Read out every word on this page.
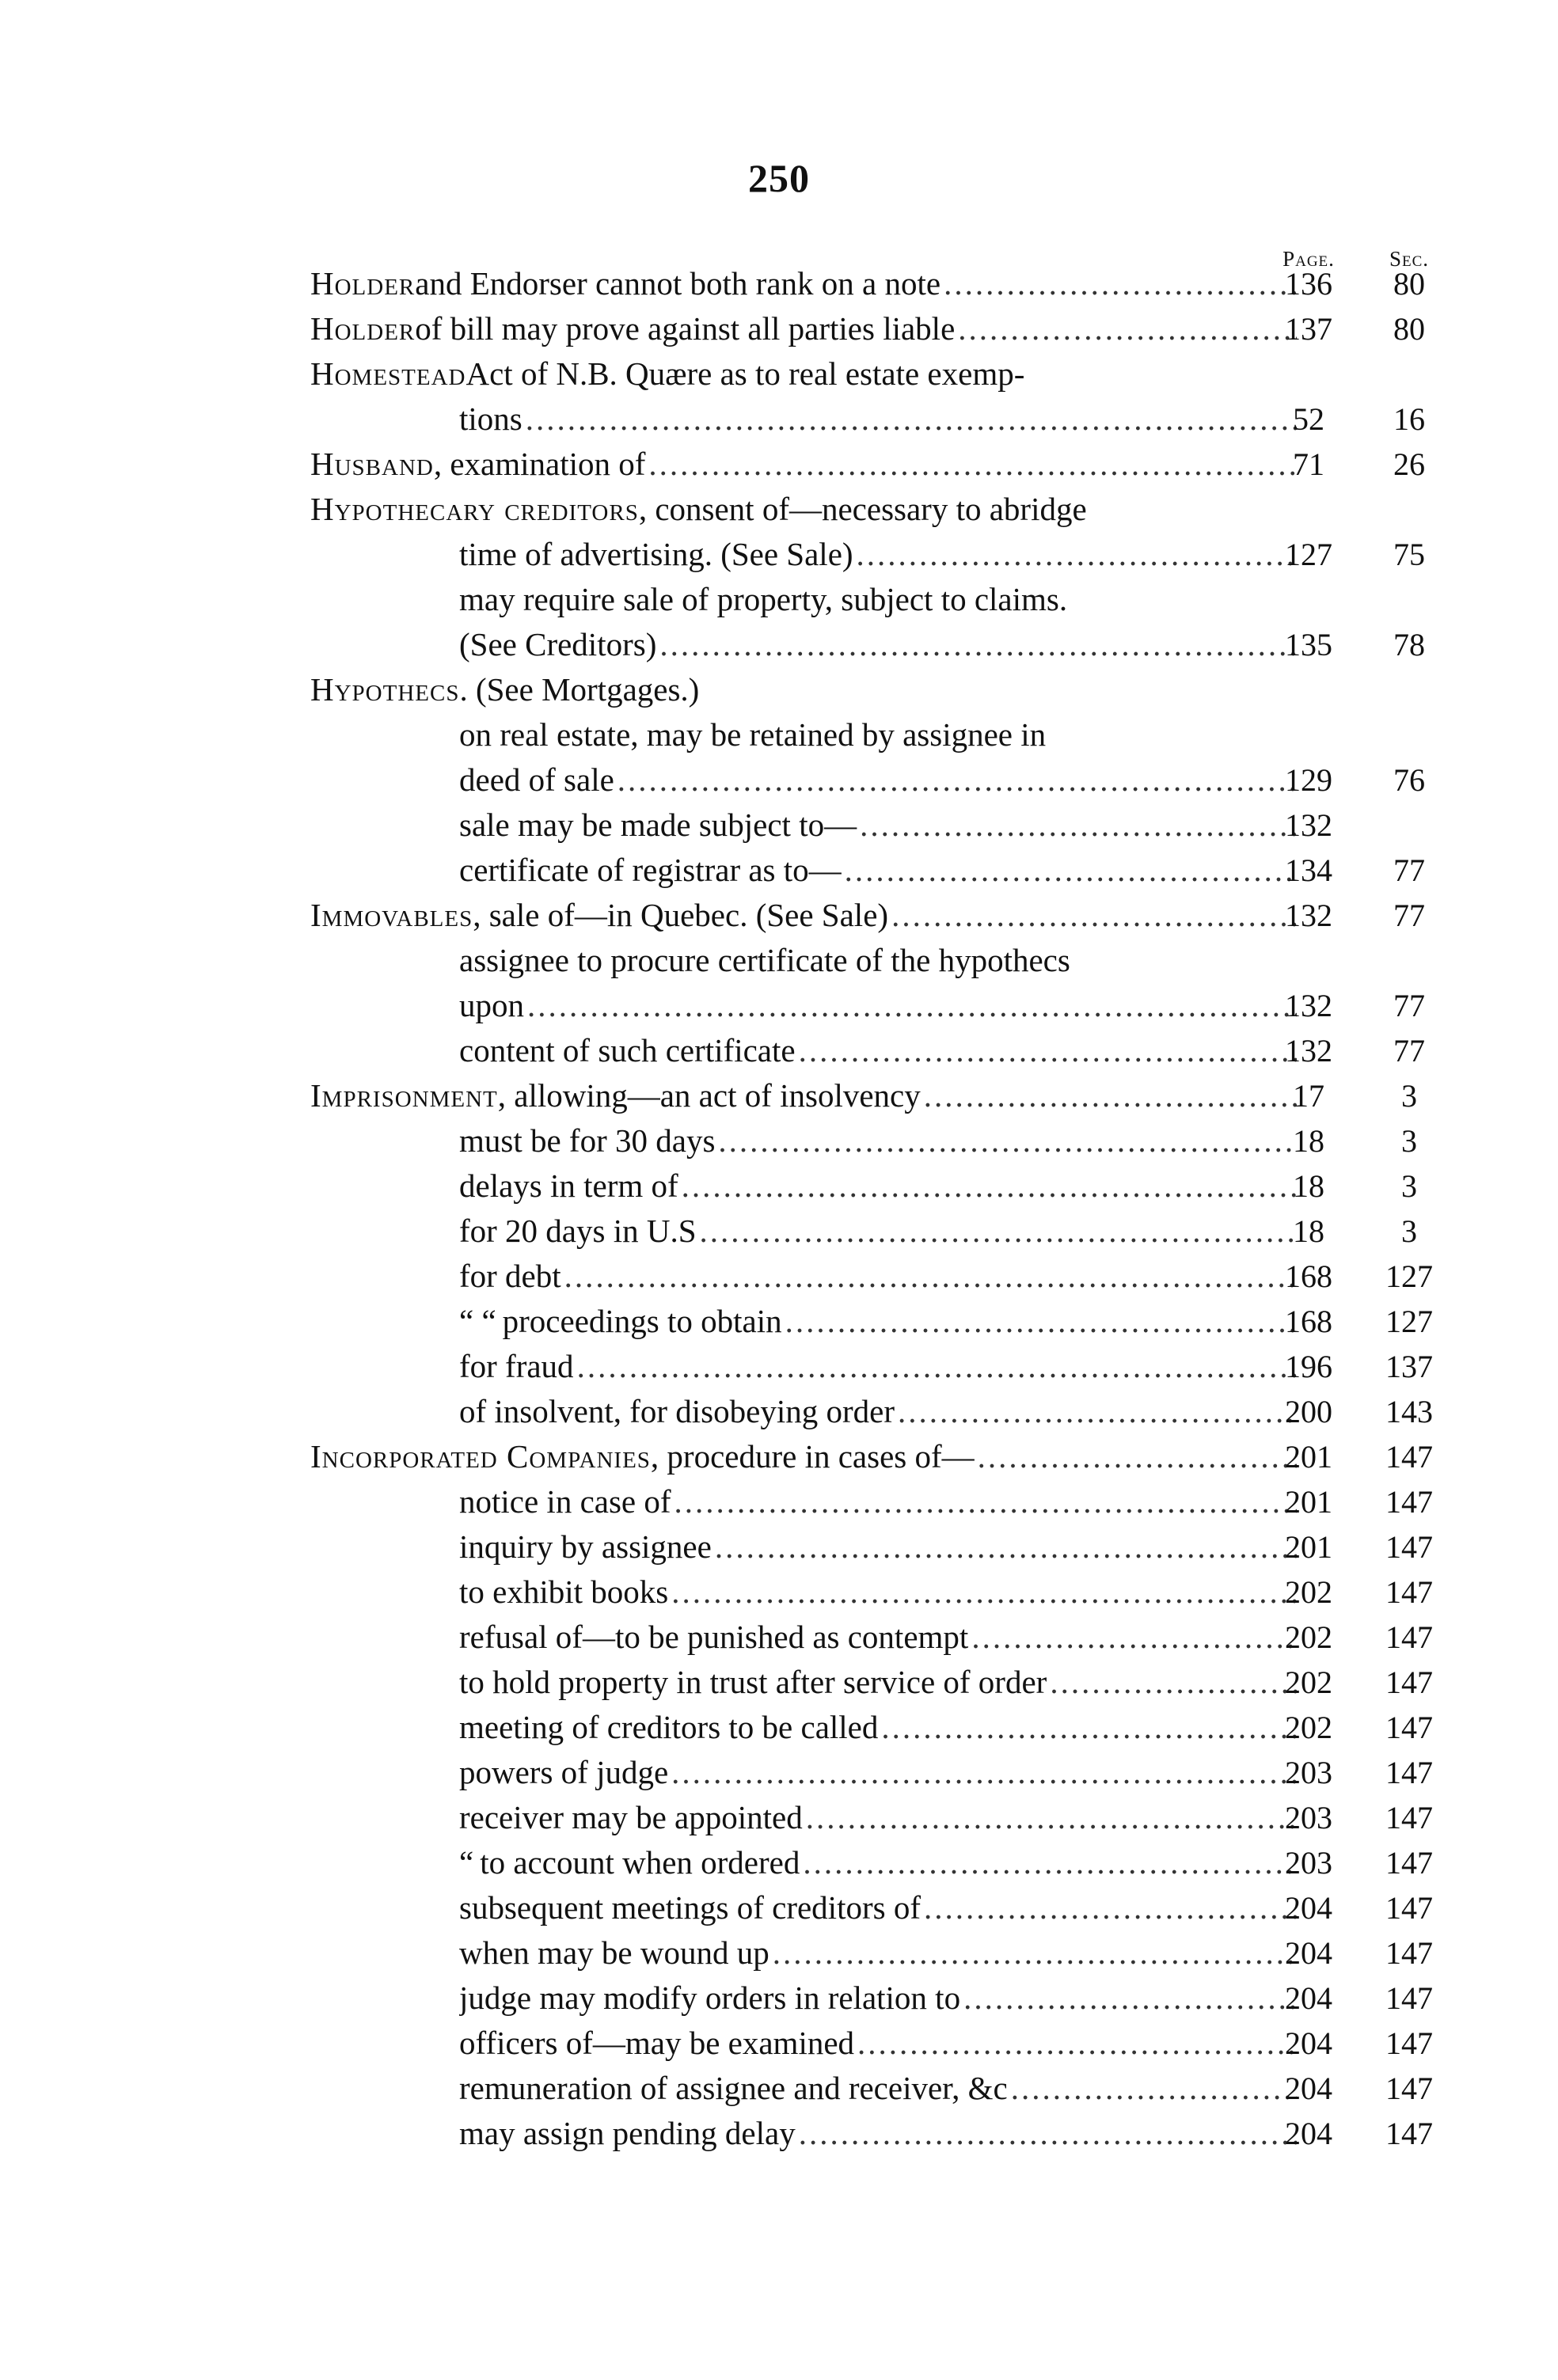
250
Page.	Sec.
Holder and Endorser cannot both rank on a note .....	136	80
Holder of bill may prove against all parties liable .....	137	80
Homestead Act of N.B. Quære as to real estate exemp-
tions .....	52	16
Husband , examination of .....	71	26
Hypothecary creditors , consent of—necessary to abridge
time of advertising. (See Sale) .....	127	75
may require sale of property, subject to claims.
(See Creditors) .....	135	78
Hypothecs . (See Mortgages.)
on real estate, may be retained by assignee in
deed of sale .....	129	76
sale may be made subject to— .....	132
certificate of registrar as to— .....	134	77
Immovables , sale of—in Quebec. (See Sale) .....	132	77
assignee to procure certificate of the hypothecs
upon .....	132	77
content of such certificate .....	132	77
Imprisonment , allowing—an act of insolvency .....	17	3
must be for 30 days .....	18	3
delays in term of .....	18	3
for 20 days in U.S .....	18	3
for debt .....	168	127
“ “ proceedings to obtain .....	168	127
for fraud .....	196	137
of insolvent, for disobeying order .....	200	143
Incorporated Companies , procedure in cases of— .....	201	147
notice in case of .....	201	147
inquiry by assignee .....	201	147
to exhibit books .....	202	147
refusal of—to be punished as contempt .....	202	147
to hold property in trust after service of order .....	202	147
meeting of creditors to be called .....	202	147
powers of judge .....	203	147
receiver may be appointed .....	203	147
“ to account when ordered .....	203	147
subsequent meetings of creditors of .....	204	147
when may be wound up .....	204	147
judge may modify orders in relation to .....	204	147
officers of—may be examined .....	204	147
remuneration of assignee and receiver, &c .....	204	147
may assign pending delay .....	204	147
